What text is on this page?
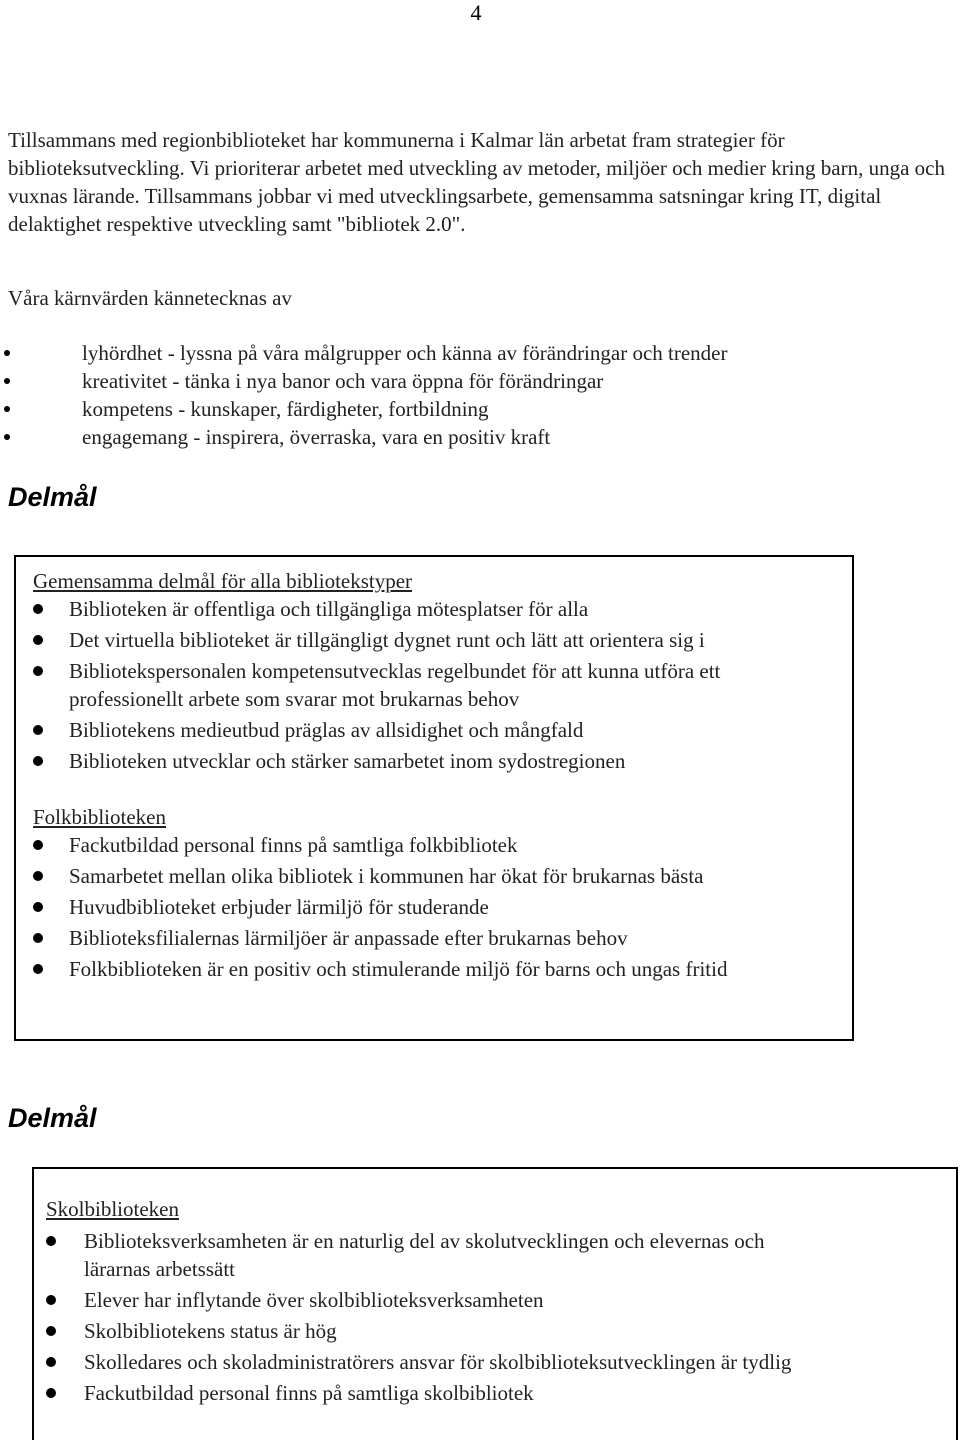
4

Tillsammans med regionbiblioteket har kommunerna i Kalmar län arbetat fram strategier för biblioteksutveckling. Vi prioriterar arbetet med utveckling av metoder, miljöer och medier kring barn, unga och vuxnas lärande. Tillsammans jobbar vi med utvecklingsarbete, gemensamma satsningar kring IT, digital delaktighet respektive utveckling samt "bibliotek 2.0".

Våra kärnvärden kännetecknas av

lyhördhet - lyssna på våra målgrupper och känna av förändringar och trender
kreativitet - tänka i nya banor och vara öppna för förändringar
kompetens - kunskaper, färdigheter, fortbildning
engagemang - inspirera, överraska, vara en positiv kraft
Delmål

Gemensamma delmål för alla bibliotekstyper

Biblioteken är offentliga och tillgängliga mötesplatser för alla
Det virtuella biblioteket är tillgängligt dygnet runt och lätt att orientera sig i
Bibliotekspersonalen kompetensutvecklas regelbundet för att kunna utföra ett professionellt arbete som svarar mot brukarnas behov
Bibliotekens medieutbud präglas av allsidighet och mångfald
Biblioteken utvecklar och stärker samarbetet inom sydostregionen

Folkbiblioteken

Fackutbildad personal finns på samtliga folkbibliotek
Samarbetet mellan olika bibliotek i kommunen har ökat för brukarnas bästa
Huvudbiblioteket erbjuder lärmiljö för studerande
Biblioteksfilialernas lärmiljöer är anpassade efter brukarnas behov
Folkbiblioteken är en positiv och stimulerande miljö för barns och ungas fritid
Delmål

Skolbiblioteken

Biblioteksverksamheten är en naturlig del av skolutvecklingen och elevernas och lärarnas arbetssätt
Elever har inflytande över skolbiblioteksverksamheten
Skolbibliotekens status är hög
Skolledares och skoladministratörers ansvar för skolbiblioteksutvecklingen är tydlig
Fackutbildad personal finns på samtliga skolbibliotek
